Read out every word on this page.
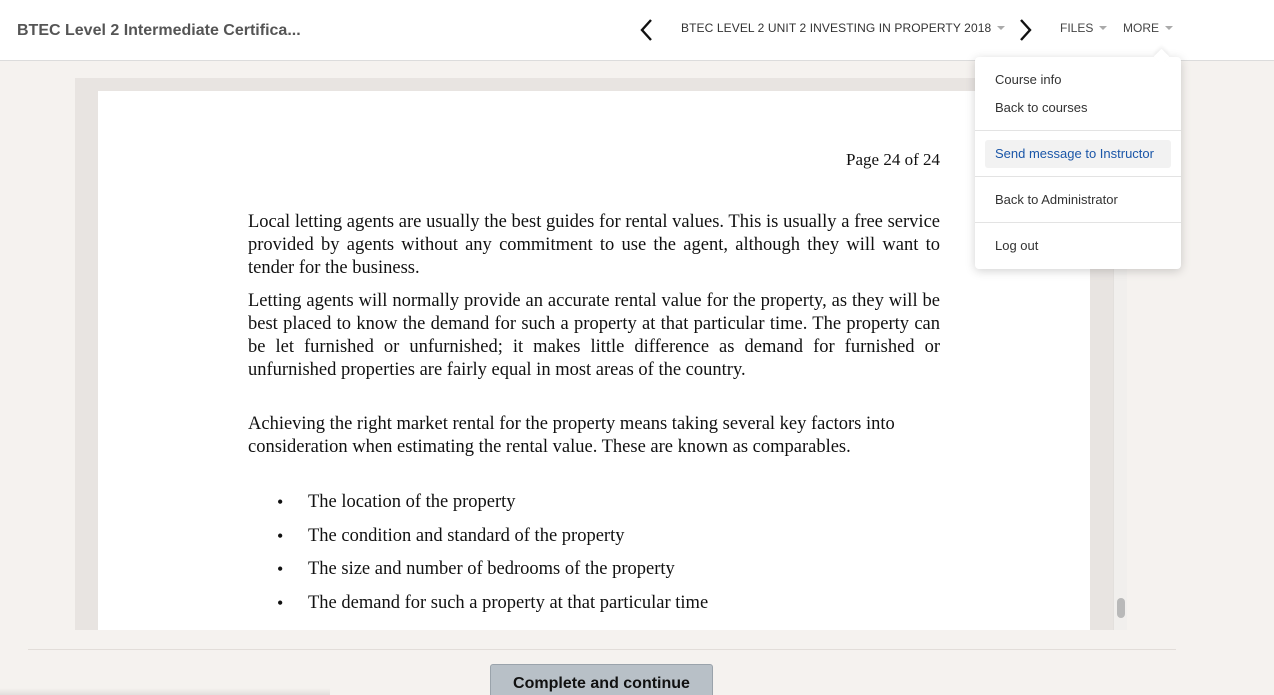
BTEC Level 2 Intermediate Certifica...	BTEC LEVEL 2 UNIT 2 INVESTING IN PROPERTY 2018	FILES MORE
Page 24 of 24

Local letting agents are usually the best guides for rental values. This is usually a free service provided by agents without any commitment to use the agent, although they will want to tender for the business.

Letting agents will normally provide an accurate rental value for the property, as they will be best placed to know the demand for such a property at that particular time. The property can be let furnished or unfurnished; it makes little difference as demand for furnished or unfurnished properties are fairly equal in most areas of the country.

Achieving the right market rental for the property means taking several key factors into consideration when estimating the rental value. These are known as comparables.

• The location of the property
• The condition and standard of the property
• The size and number of bedrooms of the property
• The demand for such a property at that particular time
Course info
Back to courses
Send message to Instructor
Back to Administrator
Log out
Complete and continue
